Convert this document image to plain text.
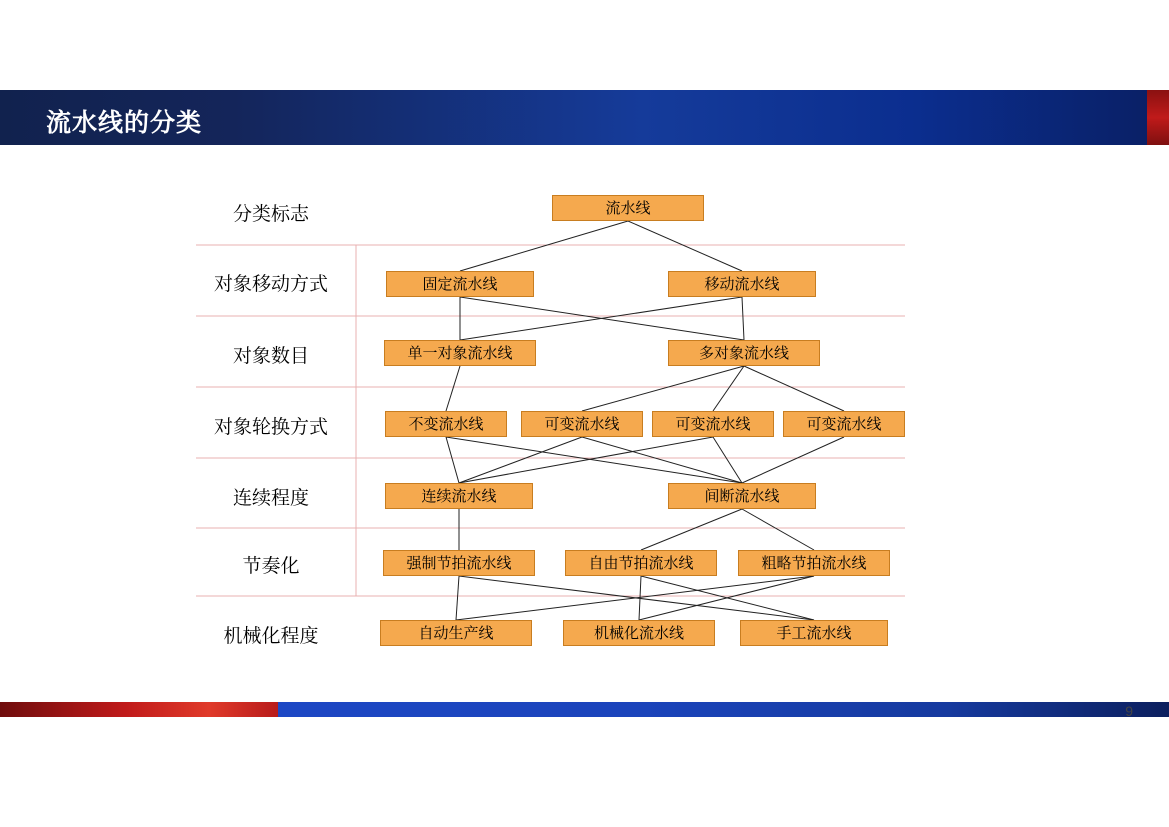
流水线的分类
分类标志
对象移动方式
对象数目
对象轮换方式
连续程度
节奏化
机械化程度
流水线
固定流水线	移动流水线
单一对象流水线	多对象流水线
不变流水线	可变流水线	可变流水线	可变流水线
连续流水线	间断流水线
强制节拍流水线	自由节拍流水线	粗略节拍流水线
自动生产线	机械化流水线	手工流水线
9
